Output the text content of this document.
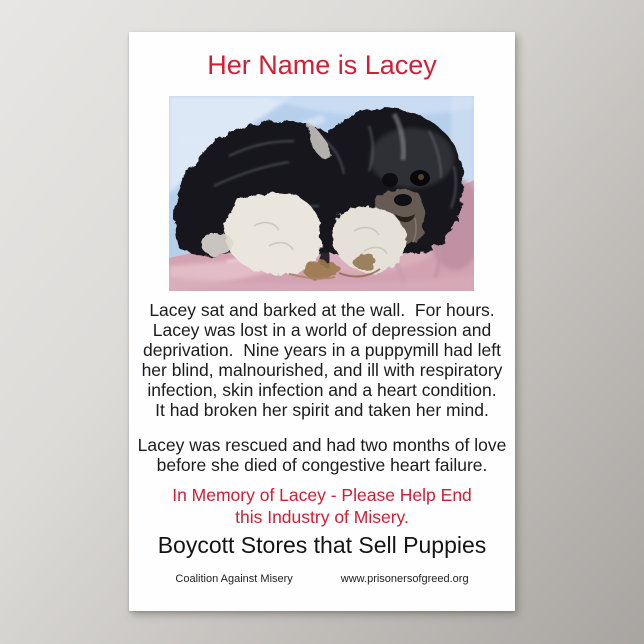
Her Name is Lacey
Lacey sat and barked at the wall.  For hours.
Lacey was lost in a world of depression and
deprivation.  Nine years in a puppymill had left
her blind, malnourished, and ill with respiratory
infection, skin infection and a heart condition.
It had broken her spirit and taken her mind.
Lacey was rescued and had two months of love
before she died of congestive heart failure.
In Memory of Lacey - Please Help End
this Industry of Misery.
Boycott Stores that Sell Puppies
Coalition Against Misery	www.prisonersofgreed.org
